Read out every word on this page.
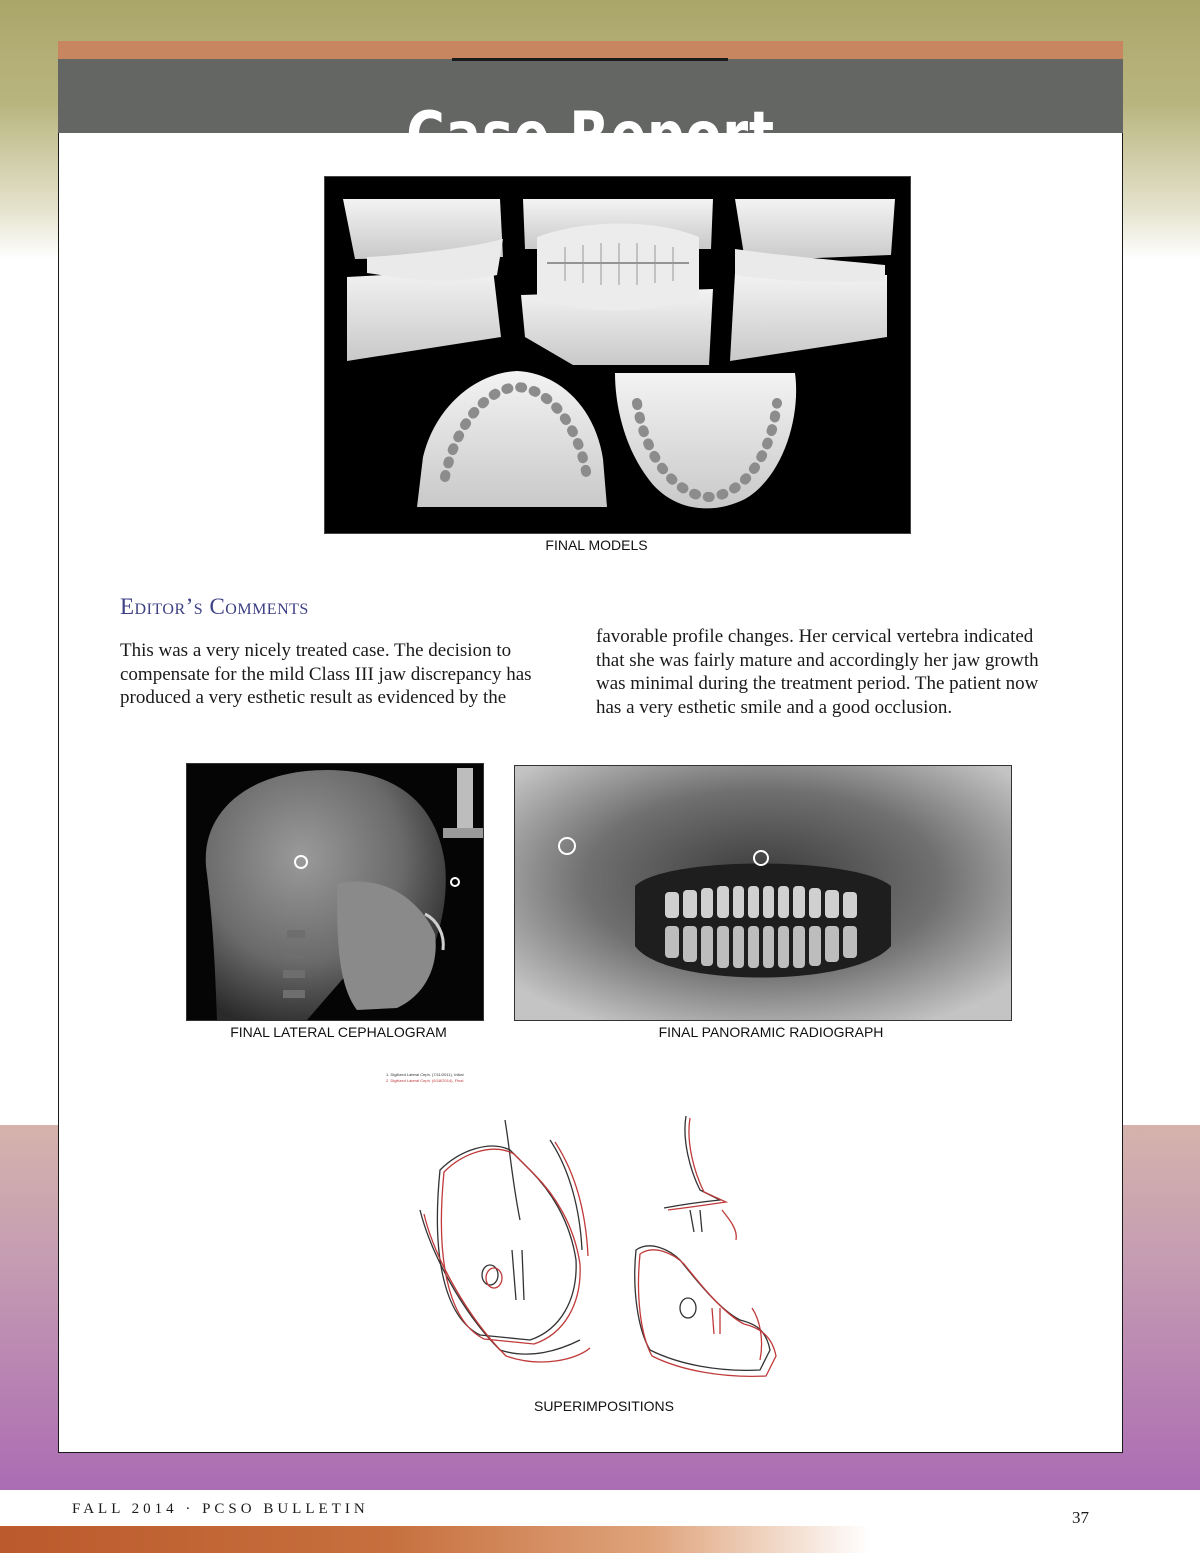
Case Report
FINAL MODELS
Editor’s Comments

This was a very nicely treated case. The decision to compensate for the mild Class III jaw discrepancy has produced a very esthetic result as evidenced by the

favorable profile changes. Her cervical vertebra indicated that she was fairly mature and accordingly her jaw growth was minimal during the treatment period. The patient now has a very esthetic smile and a good occlusion.

FINAL LATERAL CEPHALOGRAM	FINAL PANORAMIC RADIOGRAPH
1. Digitized Lateral Ceph. (7/11/2011), Initial
2. Digitized Lateral Ceph. (6/18/2014), Final
SUPERIMPOSITIONS
FALL 2014 · PCSO BULLETIN	37
